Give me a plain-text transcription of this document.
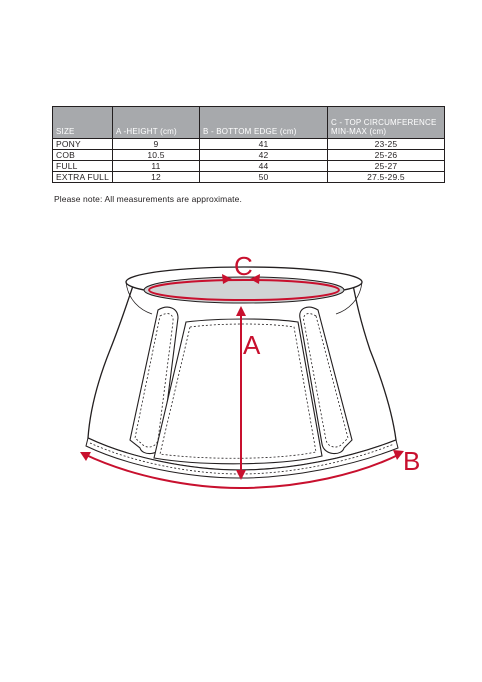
SIZE	A -HEIGHT (cm)	B - BOTTOM EDGE (cm)	C - TOP CIRCUMFERENCE MIN-MAX (cm)
PONY	9	41	23-25
COB	10.5	42	25-26
FULL	11	44	25-27
EXTRA FULL	12	50	27.5-29.5
Please note: All measurements are approximate.
C
A
B
